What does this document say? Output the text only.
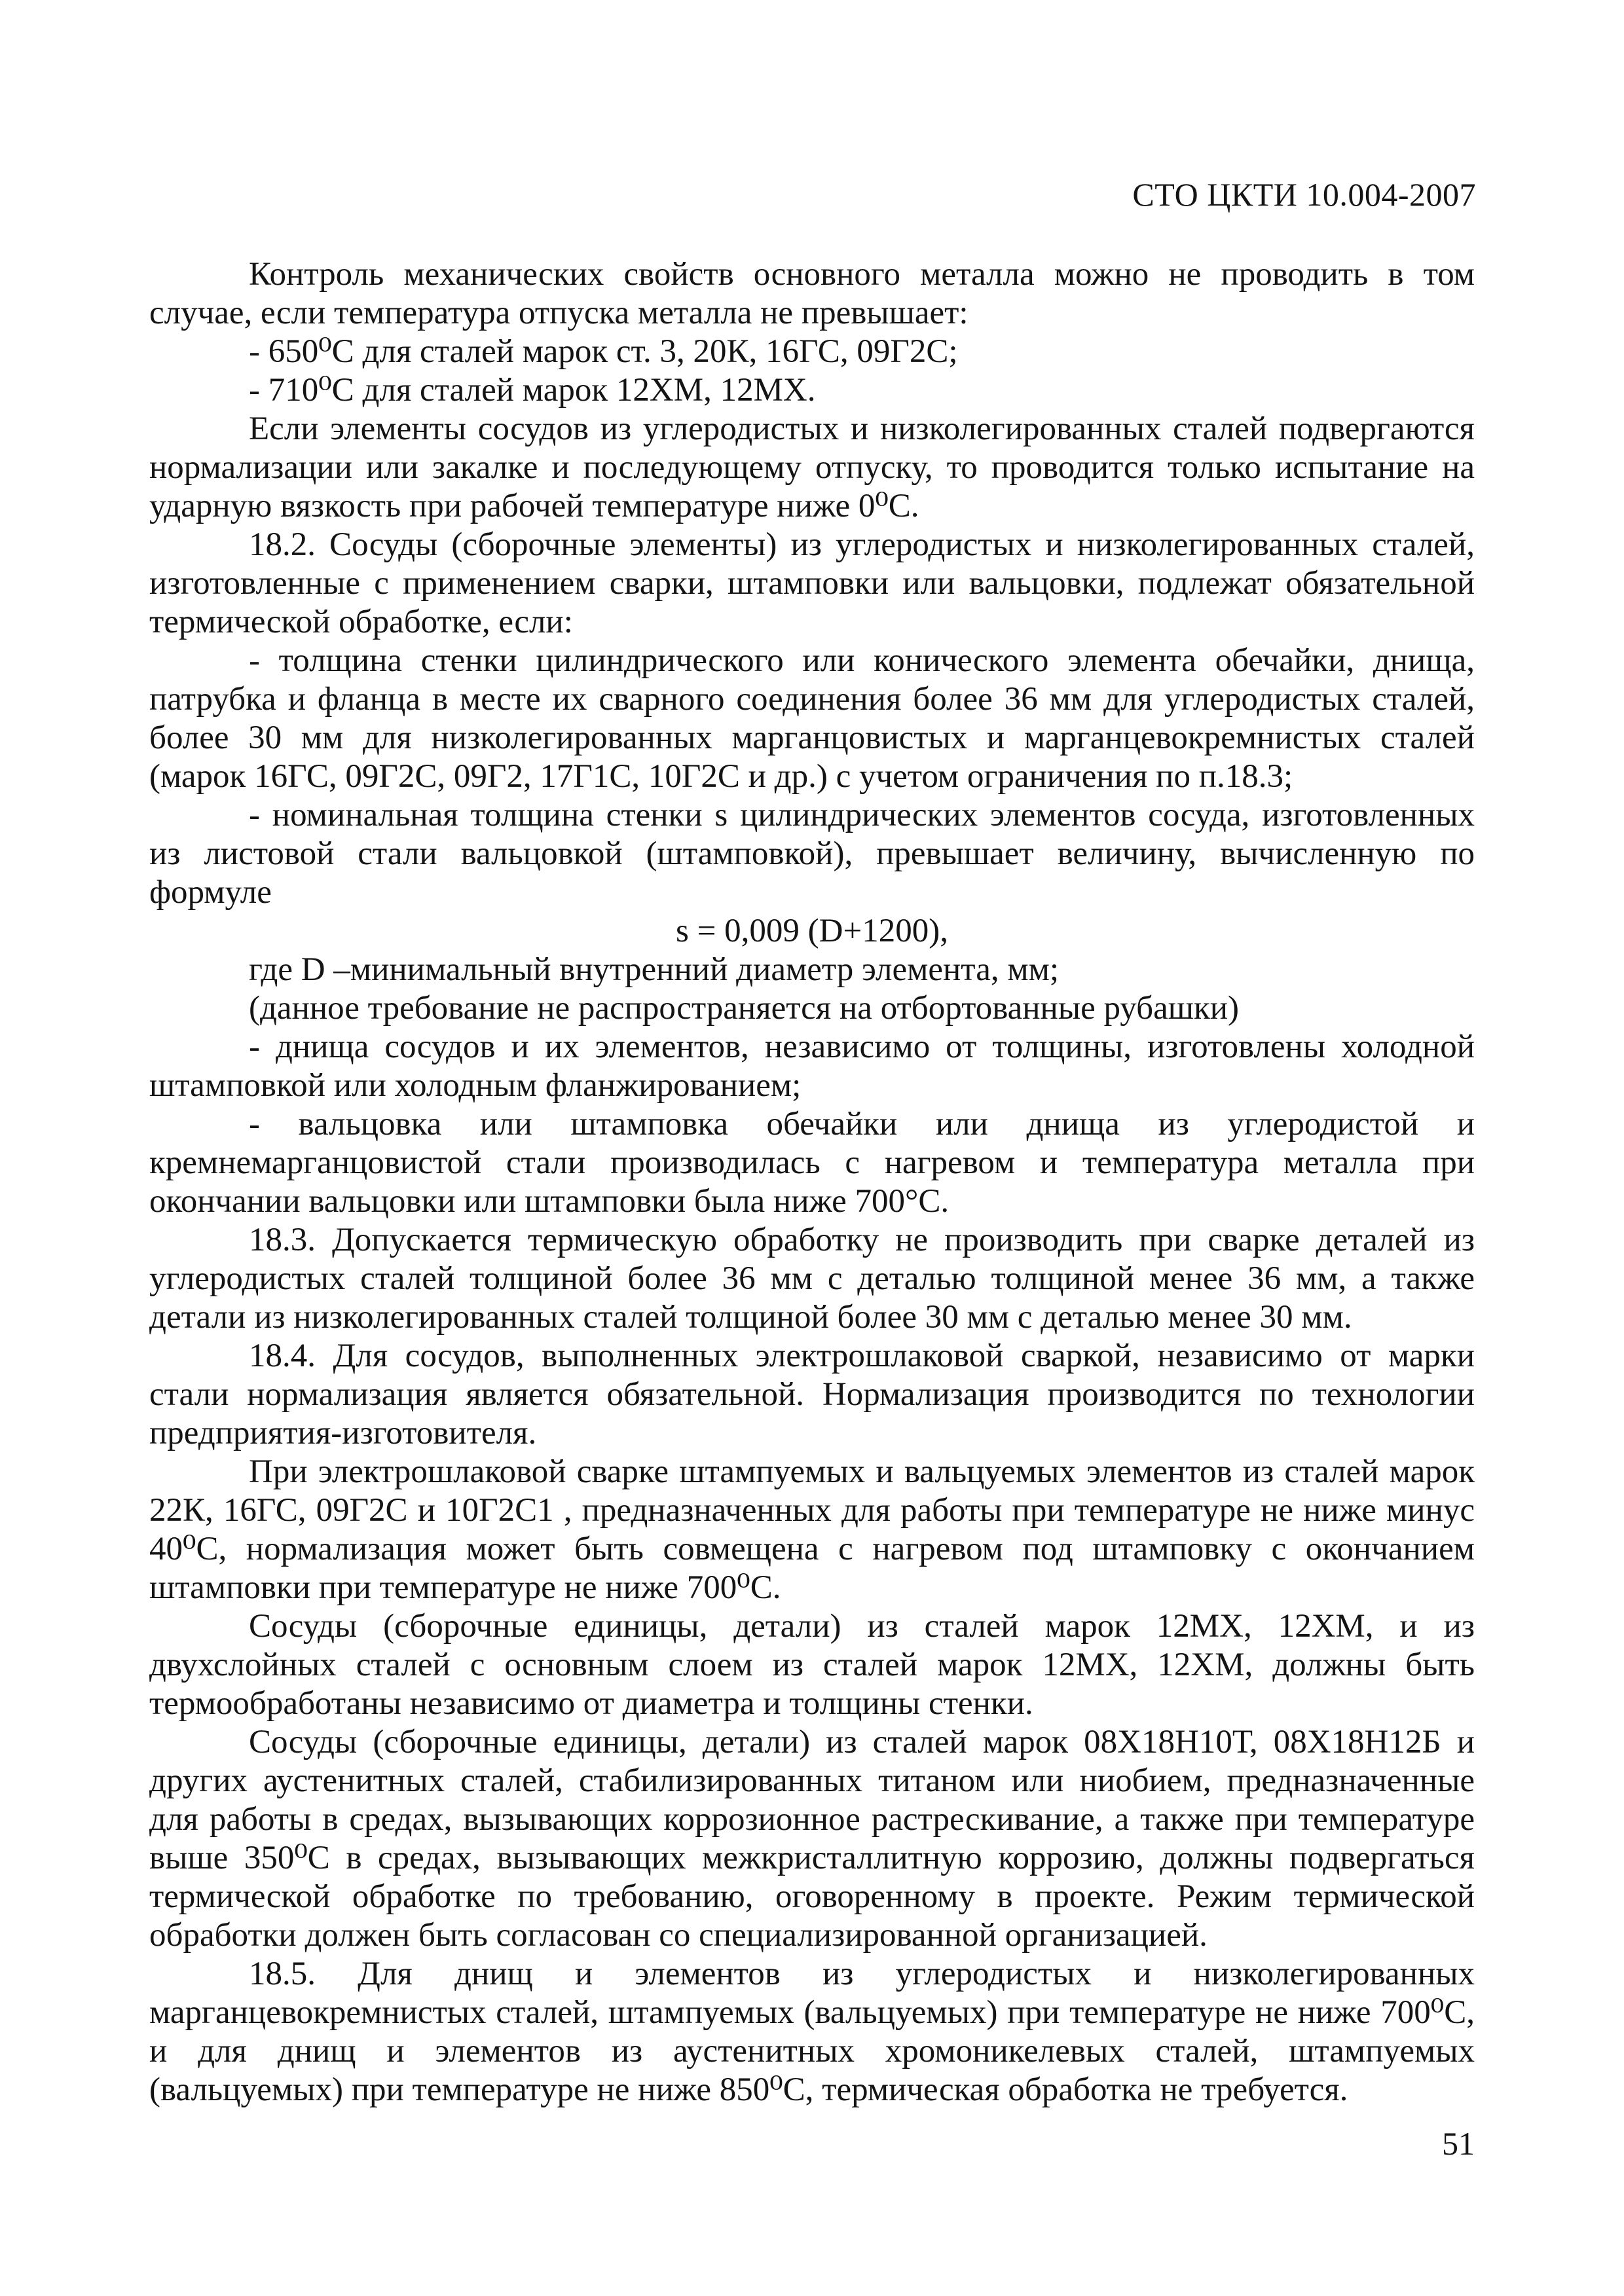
СТО ЦКТИ 10.004-2007

Контроль механических свойств основного металла можно не проводить в том случае, если температура отпуска металла не превышает:

- 650⁰C для сталей марок ст. 3, 20К, 16ГС, 09Г2С;

- 710⁰C для сталей марок 12ХМ, 12МХ.

Если элементы сосудов из углеродистых и низколегированных сталей подвергаются нормализации или закалке и последующему отпуску, то проводится только испытание на ударную вязкость при рабочей температуре ниже 0⁰C.

18.2. Сосуды (сборочные элементы) из углеродистых и низколегированных сталей, изготовленные с применением сварки, штамповки или вальцовки, подлежат обязательной термической обработке, если:

- толщина стенки цилиндрического или конического элемента обечайки, днища, патрубка и фланца в месте их сварного соединения более 36 мм для углеродистых сталей, более 30 мм для низколегированных марганцовистых и марганцевокремнистых сталей (марок 16ГС, 09Г2С, 09Г2, 17Г1С, 10Г2С и др.) с учетом ограничения по п.18.3;

- номинальная толщина стенки s цилиндрических элементов сосуда, изготовленных из листовой стали вальцовкой (штамповкой), превышает величину, вычисленную по формуле

s = 0,009 (D+1200),

где D –минимальный внутренний диаметр элемента, мм;

(данное требование не распространяется на отбортованные рубашки)

- днища сосудов и их элементов, независимо от толщины, изготовлены холодной штамповкой или холодным фланжированием;

- вальцовка или штамповка обечайки или днища из углеродистой и кремнемарганцовистой стали производилась с нагревом и температура металла при окончании вальцовки или штамповки была ниже 700°C.

18.3. Допускается термическую обработку не производить при сварке деталей из углеродистых сталей толщиной более 36 мм с деталью толщиной менее 36 мм, а также детали из низколегированных сталей толщиной более 30 мм с деталью менее 30 мм.

18.4. Для сосудов, выполненных электрошлаковой сваркой, независимо от марки стали нормализация является обязательной. Нормализация производится по технологии предприятия-изготовителя.

При электрошлаковой сварке штампуемых и вальцуемых элементов из сталей марок 22К, 16ГС, 09Г2С и 10Г2С1 , предназначенных для работы при температуре не ниже минус 40⁰C, нормализация может быть совмещена с нагревом под штамповку с окончанием штамповки при температуре не ниже 700⁰C.

Сосуды (сборочные единицы, детали) из сталей марок 12МХ, 12ХМ, и из двухслойных сталей с основным слоем из сталей марок 12МХ, 12ХМ, должны быть термообработаны независимо от диаметра и толщины стенки.

Сосуды (сборочные единицы, детали) из сталей марок 08Х18Н10Т, 08Х18Н12Б и других аустенитных сталей, стабилизированных титаном или ниобием, предназначенные для работы в средах, вызывающих коррозионное растрескивание, а также при температуре выше 350⁰C в средах, вызывающих межкристаллитную коррозию, должны подвергаться термической обработке по требованию, оговоренному в проекте. Режим термической обработки должен быть согласован со специализированной организацией.

18.5. Для днищ и элементов из углеродистых и низколегированных марганцевокремнистых сталей, штампуемых (вальцуемых) при температуре не ниже 700⁰C, и для днищ и элементов из аустенитных хромоникелевых сталей, штампуемых (вальцуемых) при температуре не ниже 850⁰C, термическая обработка не требуется.

51
